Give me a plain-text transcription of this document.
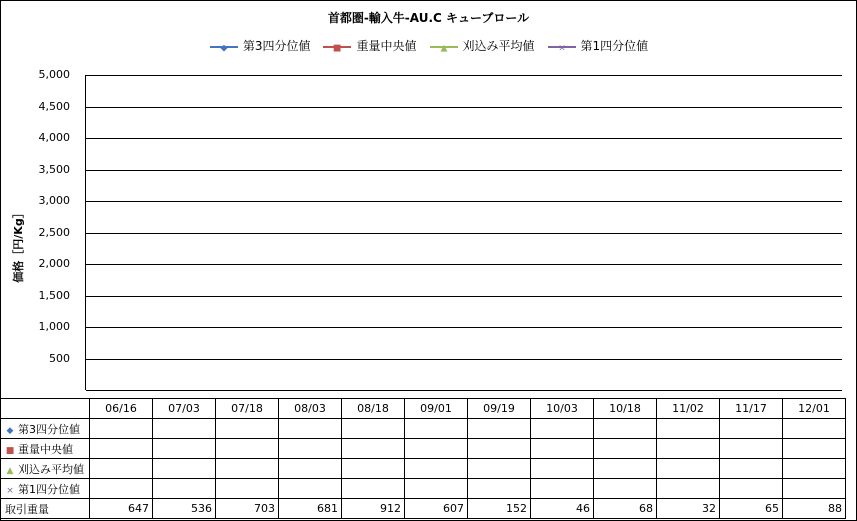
首都圏-輸入牛-AU.C キューブロール
◆ 第3四分位値	■ 重量中央値	▲ 刈込み平均値	× 第1四分位値
価格［円/Kg］
500
1,000
1,500
2,000
2,500
3,000
3,500
4,000
4,500
5,000
	06/16	07/03	07/18	08/03	08/18	09/01	09/19	10/03	10/18	11/02	11/17	12/01
◆ 第3四分位値												
■ 重量中央値												
▲ 刈込み平均値												
× 第1四分位値												
取引重量	647	536	703	681	912	607	152	46	68	32	65	88
